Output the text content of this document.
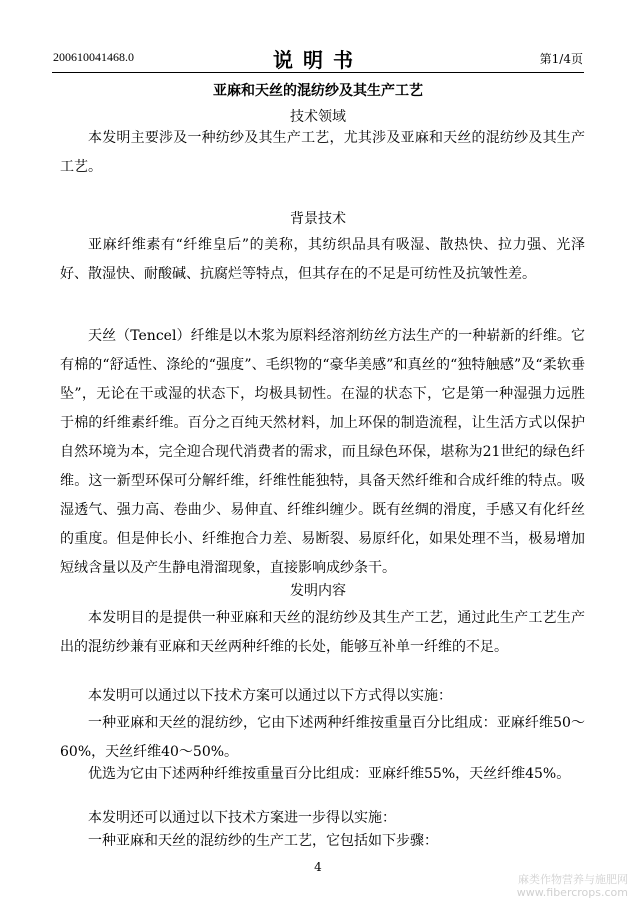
200610041468.0	说明书	第1/4页
亚麻和天丝的混纺纱及其生产工艺
技术领域

本发明主要涉及一种纺纱及其生产工艺，尤其涉及亚麻和天丝的混纺纱及其生产工艺。

背景技术

亚麻纤维素有“纤维皇后”的美称，其纺织品具有吸湿、散热快、拉力强、光泽好、散湿快、耐酸碱、抗腐烂等特点，但其存在的不足是可纺性及抗皱性差。

天丝（Tencel）纤维是以木浆为原料经溶剂纺丝方法生产的一种崭新的纤维。它有棉的“舒适性、涤纶的“强度”、毛织物的“豪华美感”和真丝的“独特触感”及“柔软垂坠”，无论在干或湿的状态下，均极具韧性。在湿的状态下，它是第一种湿强力远胜于棉的纤维素纤维。百分之百纯天然材料，加上环保的制造流程，让生活方式以保护自然环境为本，完全迎合现代消费者的需求，而且绿色环保，堪称为21世纪的绿色纤维。这一新型环保可分解纤维，纤维性能独特，具备天然纤维和合成纤维的特点。吸湿透气、强力高、卷曲少、易伸直、纤维纠缠少。既有丝绸的滑度，手感又有化纤丝的重度。但是伸长小、纤维抱合力差、易断裂、易原纤化，如果处理不当，极易增加短绒含量以及产生静电滑溜现象，直接影响成纱条干。

发明内容

本发明目的是提供一种亚麻和天丝的混纺纱及其生产工艺，通过此生产工艺生产出的混纺纱兼有亚麻和天丝两种纤维的长处，能够互补单一纤维的不足。

本发明可以通过以下技术方案可以通过以下方式得以实施：

一种亚麻和天丝的混纺纱，它由下述两种纤维按重量百分比组成：亚麻纤维50～60%，天丝纤维40～50%。

优选为它由下述两种纤维按重量百分比组成：亚麻纤维55%，天丝纤维45%。

本发明还可以通过以下技术方案进一步得以实施：

一种亚麻和天丝的混纺纱的生产工艺，它包括如下步骤：

4
麻类作物营养与施肥网
www.fibercrops.com
